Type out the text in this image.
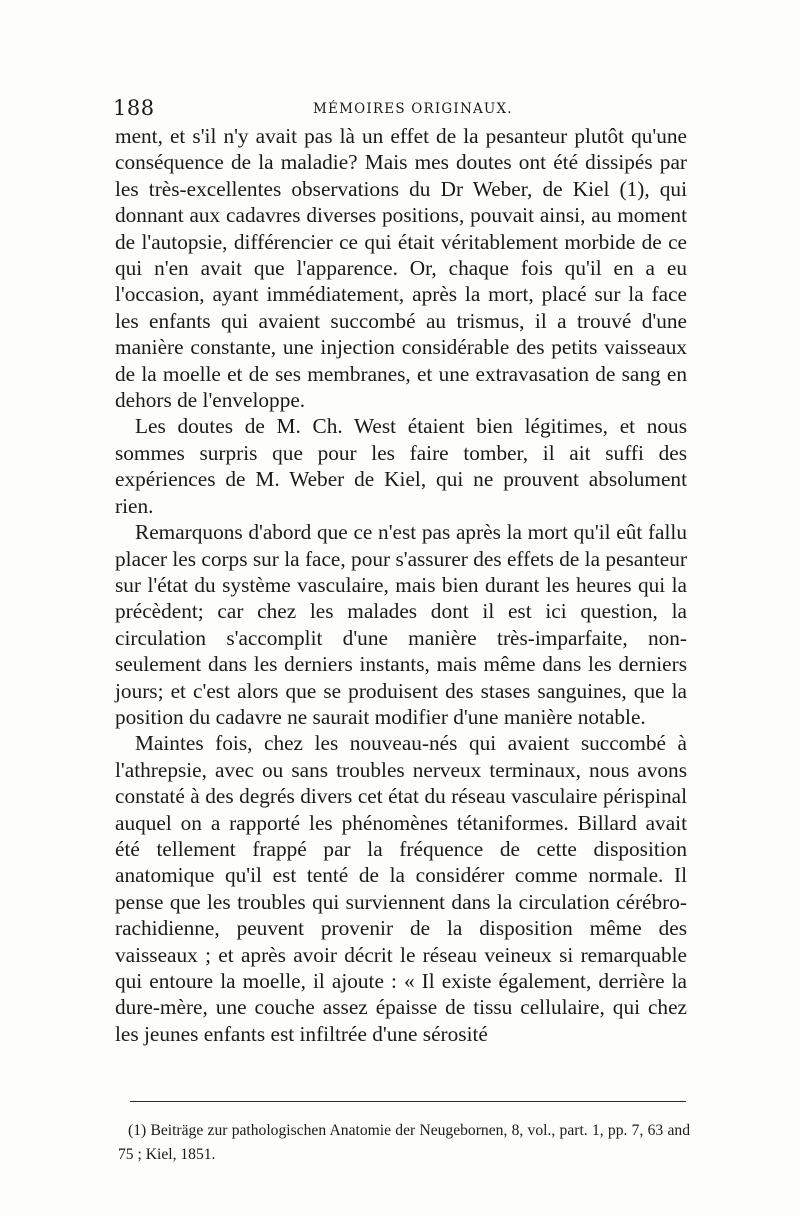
188	MÉMOIRES ORIGINAUX.

ment, et s'il n'y avait pas là un effet de la pesanteur plutôt qu'une conséquence de la maladie? Mais mes doutes ont été dissipés par les très-excellentes observations du Dr Weber, de Kiel (1), qui donnant aux cadavres diverses positions, pouvait ainsi, au moment de l'autopsie, différencier ce qui était véritablement morbide de ce qui n'en avait que l'apparence. Or, chaque fois qu'il en a eu l'occasion, ayant immédiatement, après la mort, placé sur la face les enfants qui avaient succombé au trismus, il a trouvé d'une manière constante, une injection considérable des petits vaisseaux de la moelle et de ses membranes, et une extravasation de sang en dehors de l'enveloppe.

Les doutes de M. Ch. West étaient bien légitimes, et nous sommes surpris que pour les faire tomber, il ait suffi des expériences de M. Weber de Kiel, qui ne prouvent absolument rien.

Remarquons d'abord que ce n'est pas après la mort qu'il eût fallu placer les corps sur la face, pour s'assurer des effets de la pesanteur sur l'état du système vasculaire, mais bien durant les heures qui la précèdent; car chez les malades dont il est ici question, la circulation s'accomplit d'une manière très-imparfaite, non-seulement dans les derniers instants, mais même dans les derniers jours; et c'est alors que se produisent des stases sanguines, que la position du cadavre ne saurait modifier d'une manière notable.

Maintes fois, chez les nouveau-nés qui avaient succombé à l'athrepsie, avec ou sans troubles nerveux terminaux, nous avons constaté à des degrés divers cet état du réseau vasculaire périspinal auquel on a rapporté les phénomènes tétaniformes. Billard avait été tellement frappé par la fréquence de cette disposition anatomique qu'il est tenté de la considérer comme normale. Il pense que les troubles qui surviennent dans la circulation cérébro-rachidienne, peuvent provenir de la disposition même des vaisseaux ; et après avoir décrit le réseau veineux si remarquable qui entoure la moelle, il ajoute : « Il existe également, derrière la dure-mère, une couche assez épaisse de tissu cellulaire, qui chez les jeunes enfants est infiltrée d'une sérosité

(1) Beiträge zur pathologischen Anatomie der Neugebornen, 8, vol., part. 1, pp. 7, 63 and 75 ; Kiel, 1851.
